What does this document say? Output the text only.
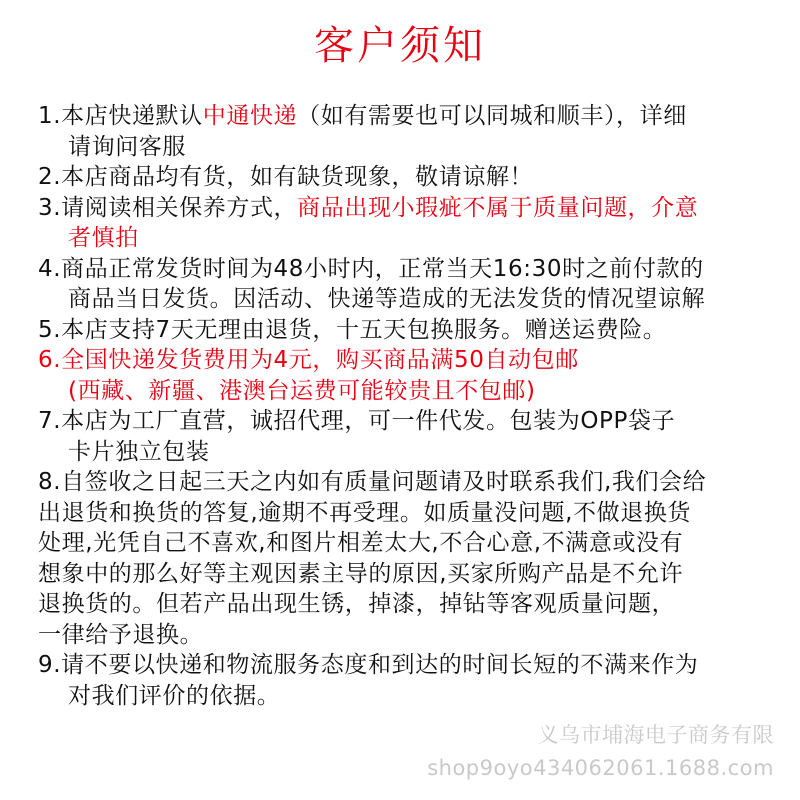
客户须知
1.本店快递默认中通快递（如有需要也可以同城和顺丰），详细
请询问客服
2.本店商品均有货，如有缺货现象，敬请谅解！
3.请阅读相关保养方式，商品出现小瑕疵不属于质量问题，介意
者慎拍
4.商品正常发货时间为48小时内，正常当天16:30时之前付款的
商品当日发货。因活动、快递等造成的无法发货的情况望谅解
5.本店支持7天无理由退货，十五天包换服务。赠送运费险。
6.全国快递发货费用为4元，购买商品满50自动包邮
(西藏、新疆、港澳台运费可能较贵且不包邮)
7.本店为工厂直营，诚招代理，可一件代发。包装为OPP袋子
卡片独立包装
8.自签收之日起三天之内如有质量问题请及时联系我们,我们会给
出退货和换货的答复,逾期不再受理。如质量没问题,不做退换货
处理,光凭自己不喜欢,和图片相差太大,不合心意,不满意或没有
想象中的那么好等主观因素主导的原因,买家所购产品是不允许
退换货的。但若产品出现生锈，掉漆，掉钻等客观质量问题，
一律给予退换。
9.请不要以快递和物流服务态度和到达的时间长短的不满来作为
对我们评价的依据。
义乌市埔海电子商务有限
shop9oyo434062061.1688.com
